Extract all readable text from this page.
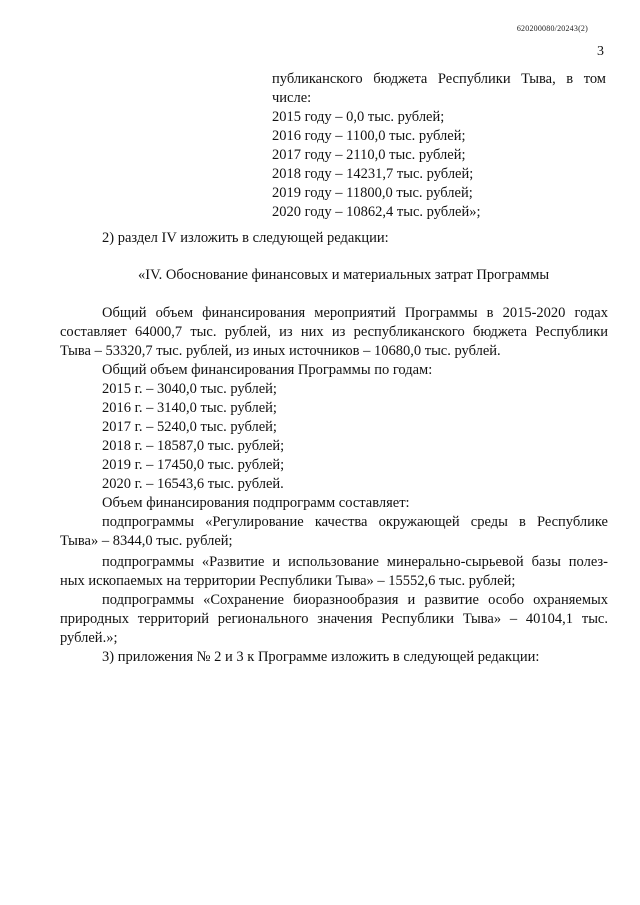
620200080/20243(2)
3
публиканского бюджета Республики Тыва, в том
числе:
2015 году – 0,0 тыс. рублей;
2016 году – 1100,0 тыс. рублей;
2017 году – 2110,0 тыс. рублей;
2018 году – 14231,7 тыс. рублей;
2019 году – 11800,0 тыс. рублей;
2020 году – 10862,4 тыс. рублей»;
2) раздел IV изложить в следующей редакции:
«IV. Обоснование финансовых и материальных затрат Программы
Общий объем финансирования мероприятий Программы в 2015-2020 годах
составляет 64000,7 тыс. рублей, из них из республиканского бюджета Республики
Тыва – 53320,7 тыс. рублей, из иных источников – 10680,0 тыс. рублей.
Общий объем финансирования Программы по годам:
2015 г. – 3040,0 тыс. рублей;
2016 г. – 3140,0 тыс. рублей;
2017 г. – 5240,0 тыс. рублей;
2018 г. – 18587,0 тыс. рублей;
2019 г. – 17450,0 тыс. рублей;
2020 г. – 16543,6 тыс. рублей.
Объем финансирования подпрограмм составляет:
подпрограммы «Регулирование качества окружающей среды в Республике
Тыва» – 8344,0 тыс. рублей;
подпрограммы «Развитие и использование минерально-сырьевой базы полез-
ных ископаемых на территории Республики Тыва» – 15552,6 тыс. рублей;
подпрограммы «Сохранение биоразнообразия и развитие особо охраняемых
природных территорий регионального значения Республики Тыва» – 40104,1 тыс.
рублей.»;
3) приложения № 2 и 3 к Программе изложить в следующей редакции:
